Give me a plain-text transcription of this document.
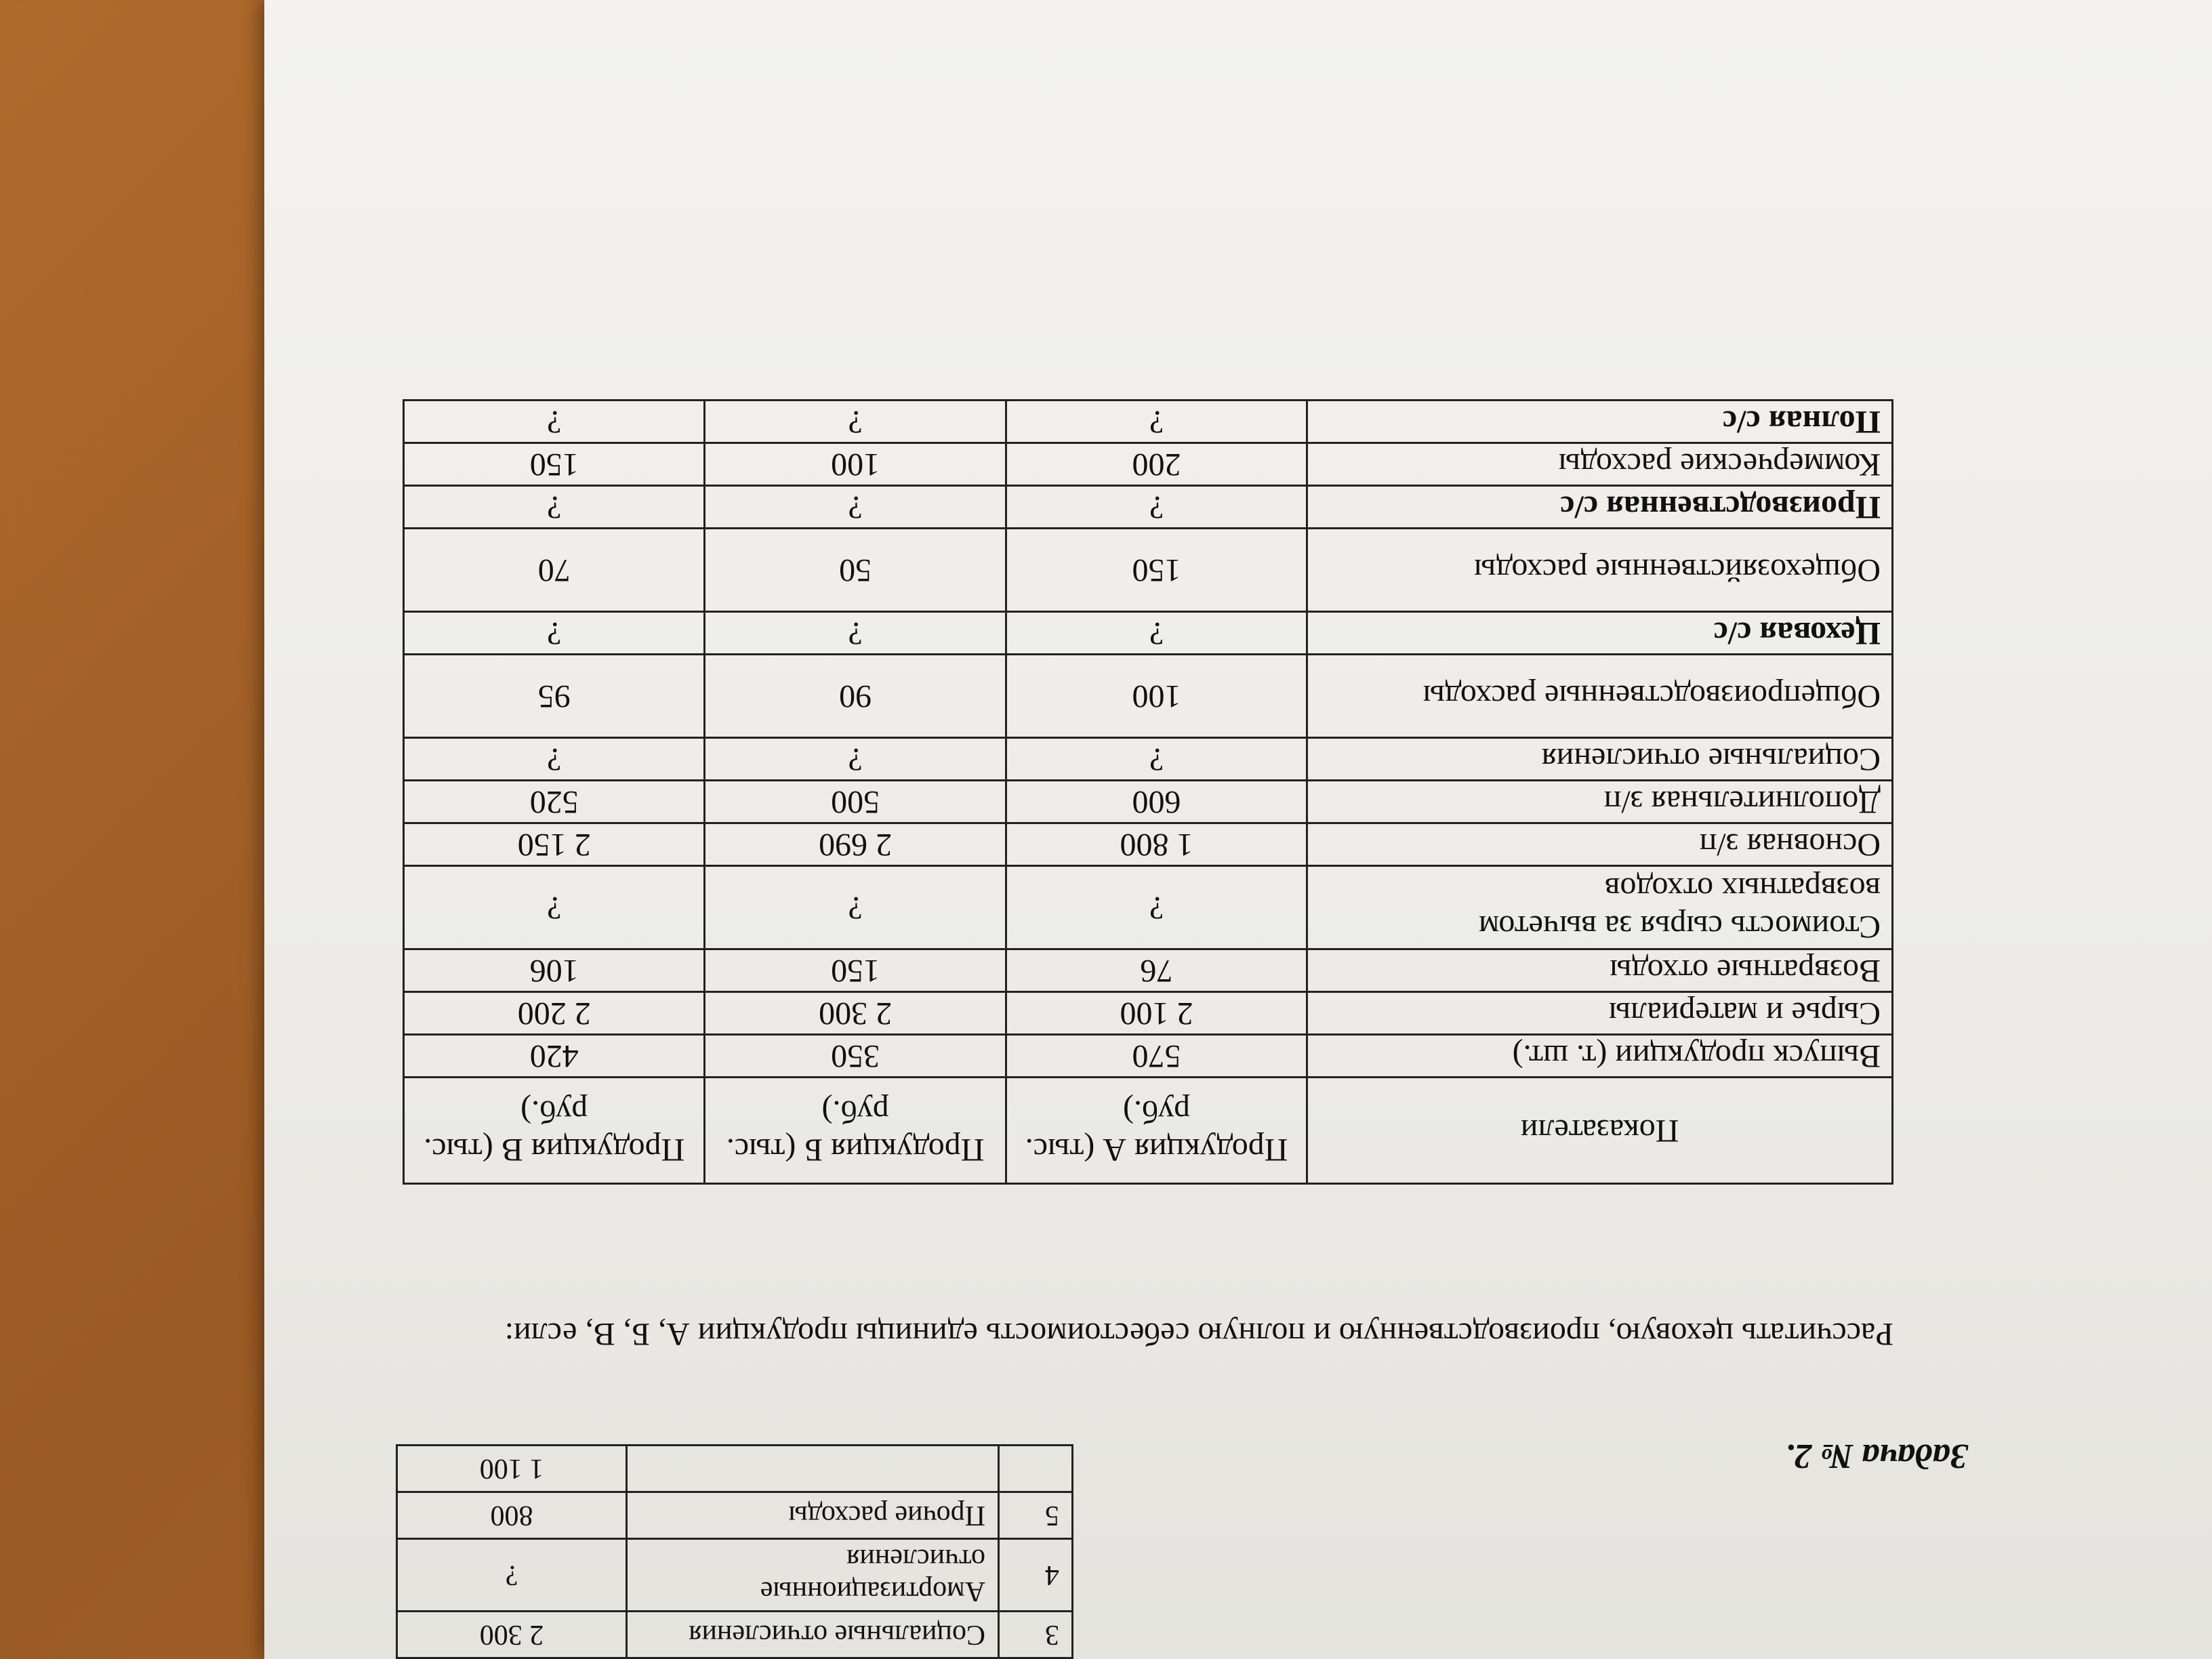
3	Социальные отчисления	2 300
4	Амортизационные отчисления	?
5	Прочие расходы	800
		1 100	Задача № 2.
Рассчитать цеховую, производственную и полную себестоимость единицы продукции А, Б, В, если:
Показатели	Продукция А (тыс. руб.)	Продукция Б (тыс. руб.)	Продукция В (тыс. руб.)
Выпуск продукции (т. шт.)	570	350	420
Сырье и материалы	2 100	2 300	2 200
Возвратные отходы	76	150	106
Стоимость сырья за вычетом возвратных отходов	?	?	?
Основная з/п	1 800	2 690	2 150
Дополнительная з/п	600	500	520
Социальные отчисления	?	?	?
Общепроизводственные расходы	100	90	95
Цеховая с/с	?	?	?
Общехозяйственные расходы	150	50	70
Производственная с/с	?	?	?
Коммерческие расходы	200	100	150
Полная с/с	?	?	?
